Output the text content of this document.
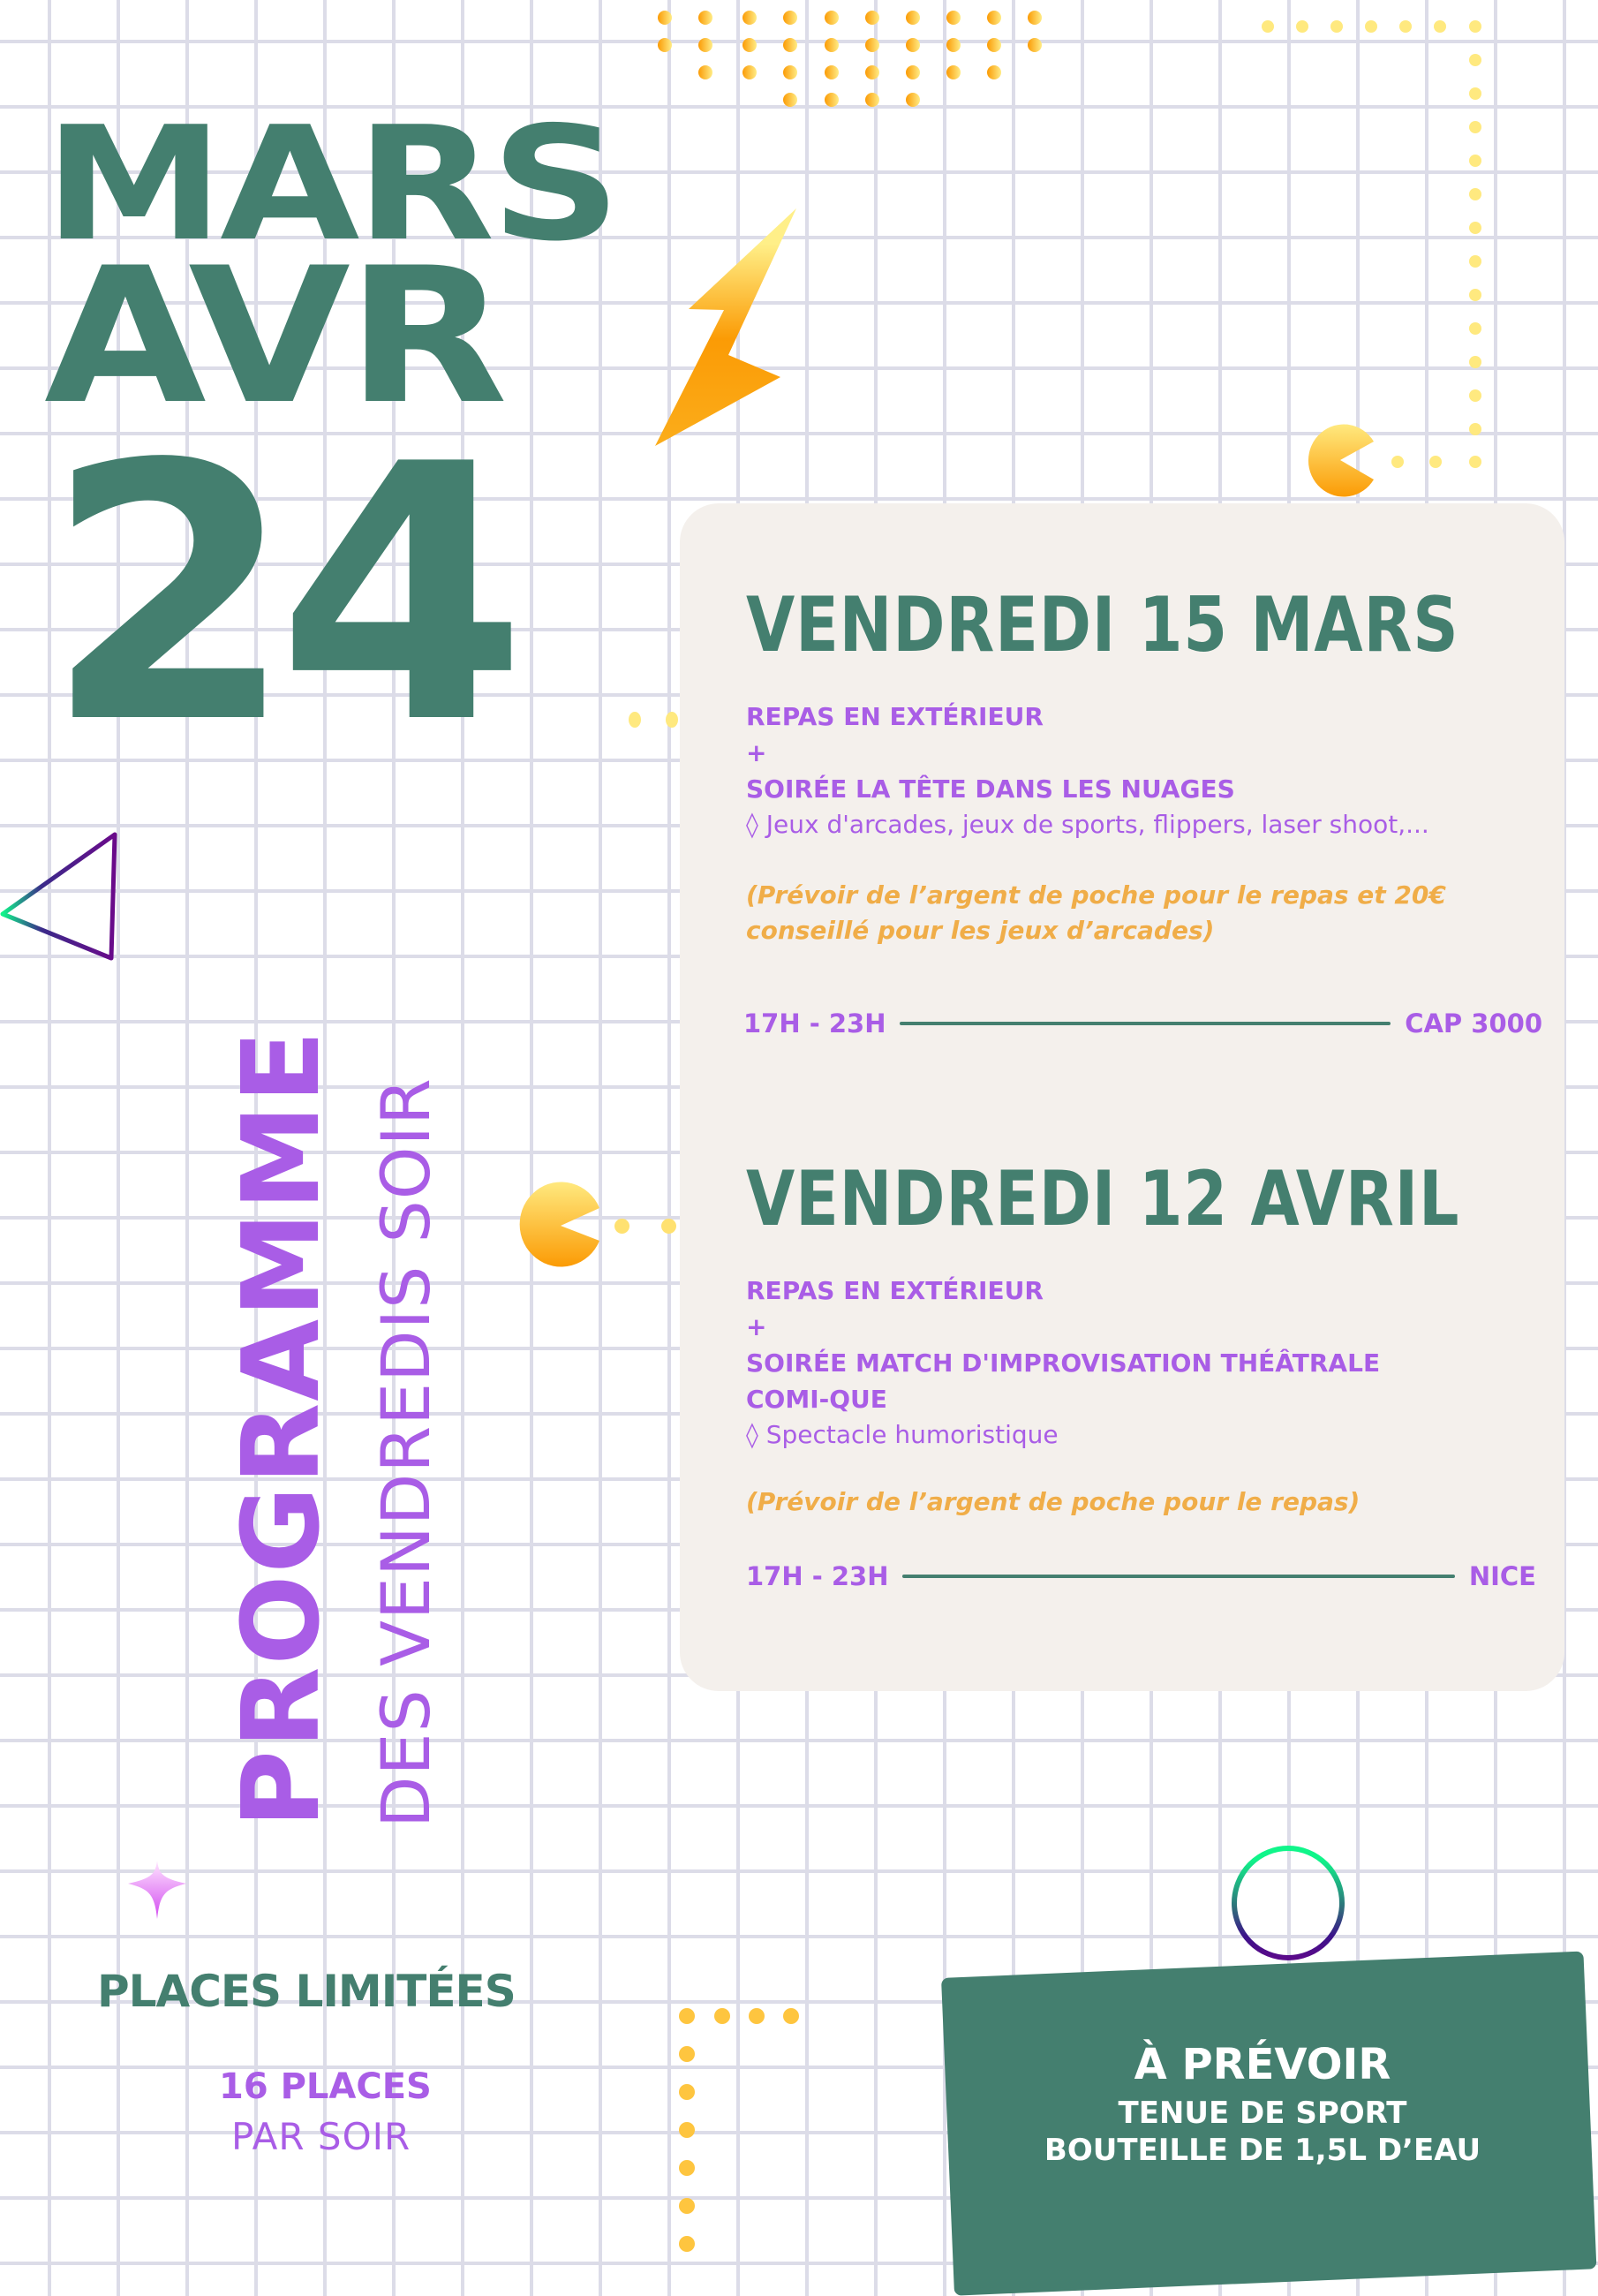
MARS
AVR
24
PROGRAMME DES VENDREDIS SOIR
VENDREDI 15 MARS
REPAS EN EXTÉRIEUR
+
SOIRÉE LA TÊTE DANS LES NUAGES
◊ Jeux d'arcades, jeux de sports, flippers, laser shoot,...
(Prévoir de l’argent de poche pour le repas et 20€ conseillé pour les jeux d’arcades)
17H - 23H	CAP 3000
VENDREDI 12 AVRIL
REPAS EN EXTÉRIEUR
+
SOIRÉE MATCH D'IMPROVISATION THÉÂTRALE COMI-QUE
◊ Spectacle humoristique
(Prévoir de l’argent de poche pour le repas)
17H - 23H	NICE
PLACES LIMITÉES
16 PLACES
PAR SOIR
À PRÉVOIR
TENUE DE SPORT
BOUTEILLE DE 1,5L D’EAU
